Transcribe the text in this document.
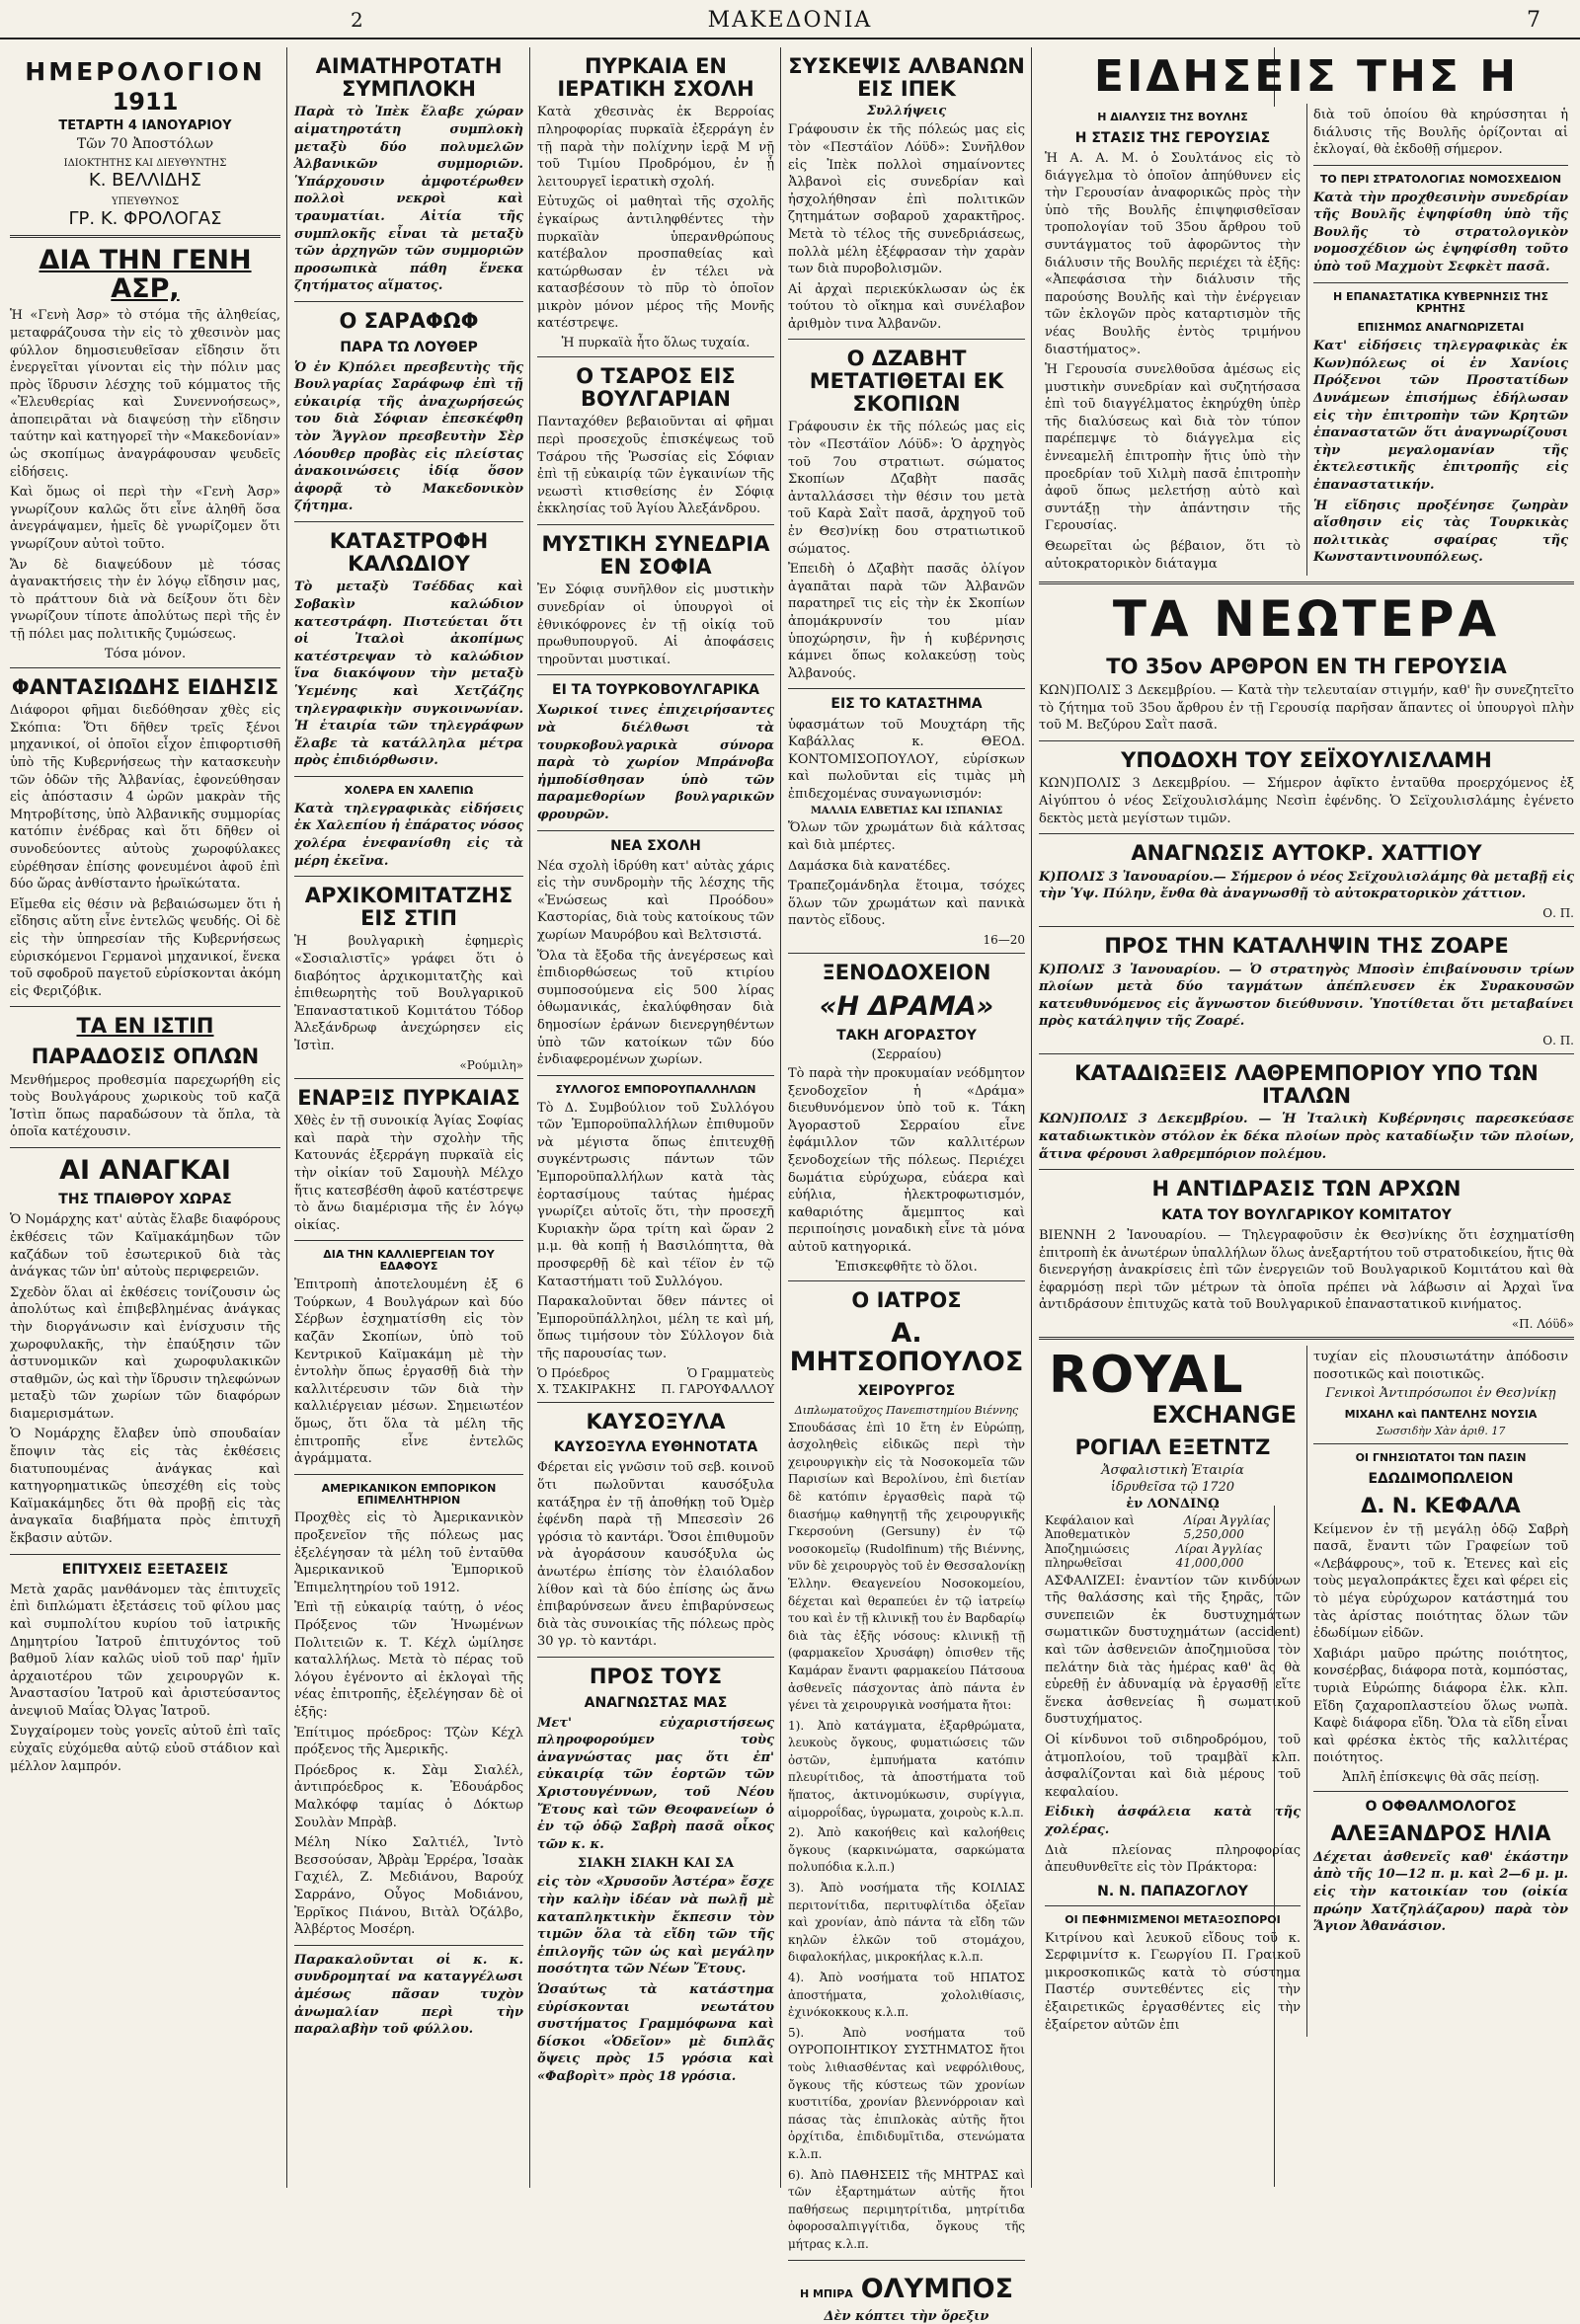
2	ΜΑΚΕΔΟΝΙΑ	7
ΗΜΕΡΟΛΟΓΙΟΝ
1911
ΤΕΤΑΡΤΗ 4 ΙΑΝΟΥΑΡΙΟΥ
Τῶν 70 Ἀποστόλων
ΙΔΙΟΚΤΗΤΗΣ ΚΑΙ ΔΙΕΥΘΥΝΤΗΣ
Κ. ΒΕΛΛΙΔΗΣ
ΥΠΕΥΘΥΝΟΣ
ΓΡ. Κ. ΦΡΟΛΟΓΑΣ
ΔΙΑ ΤΗΝ ΓΕΝΗ ΑΣΡ,

Ἡ «Γενὴ Ἀσρ» τὸ στόμα τῆς ἀληθείας, μεταφράζουσα τὴν εἰς τὸ χθεσινὸν μας φύλλον δημοσιευθεῖσαν εἴδησιν ὅτι ἐνεργεῖται γίνονται εἰς τὴν πόλιν μας πρὸς ἵδρυσιν λέσχης τοῦ κόμματος τῆς «Ἐλευθερίας καὶ Συνεννοήσεως», ἀποπειρᾶται νὰ διαψεύσῃ τὴν εἴδησιν ταύτην καὶ κατηγορεῖ τὴν «Μακεδονίαν» ὡς σκοπίμως ἀναγράφουσαν ψευδεῖς εἰδήσεις.

Καὶ ὅμως οἱ περὶ τὴν «Γενὴ Ἀσρ» γνωρίζουν καλῶς ὅτι εἶνε ἀληθῆ ὅσα ἀνεγράψαμεν, ἡμεῖς δὲ γνωρίζομεν ὅτι γνωρίζουν αὐτοὶ τοῦτο.

Ἄν δὲ διαψεύδουν μὲ τόσας ἀγανακτήσεις τὴν ἐν λόγῳ εἴδησιν μας, τὸ πράττουν διὰ νὰ δείξουν ὅτι δὲν γνωρίζουν τίποτε ἀπολύτως περὶ τῆς ἐν τῇ πόλει μας πολιτικῆς ζυμώσεως.

Τόσα μόνον.
ΦΑΝΤΑΣΙΩΔΗΣ ΕΙΔΗΣΙΣ

Διάφοροι φῆμαι διεδόθησαν χθὲς εἰς Σκόπια: Ὅτι δῆθεν τρεῖς ξένοι μηχανικοί, οἱ ὁποῖοι εἶχον ἐπιφορτισθῆ ὑπὸ τῆς Κυβερνήσεως τὴν κατασκευὴν τῶν ὁδῶν τῆς Ἀλβανίας, ἐφονεύθησαν εἰς ἀπόστασιν 4 ὡρῶν μακρὰν τῆς Μητροβίτσης, ὑπὸ Ἀλβανικῆς συμμορίας κατόπιν ἐνέδρας καὶ ὅτι δῆθεν οἱ συνοδεύοντες αὐτοὺς χωροφύλακες εὑρέθησαν ἐπίσης φονευμένοι ἀφοῦ ἐπὶ δύο ὥρας ἀνθίσταντο ἡρωϊκώτατα.

Εἴμεθα εἰς θέσιν νὰ βεβαιώσωμεν ὅτι ἡ εἴδησις αὕτη εἶνε ἐντελῶς ψευδής. Οἱ δὲ εἰς τὴν ὑπηρεσίαν τῆς Κυβερνήσεως εὑρισκόμενοι Γερμανοὶ μηχανικοί, ἕνεκα τοῦ σφοδροῦ παγετοῦ εὑρίσκονται ἀκόμη εἰς Φεριζόβικ.

ΤΑ ΕΝ ΙΣΤΙΠ
ΠΑΡΑΔΟΣΙΣ ΟΠΛΩΝ

Μενθήμερος προθεσμία παρεχωρήθη εἰς τοὺς Βουλγάρους χωρικοὺς τοῦ καζᾶ Ἰστὶπ ὅπως παραδώσουν τὰ ὅπλα, τὰ ὁποῖα κατέχουσιν.

ΑΙ ΑΝΑΓΚΑΙ
ΤΗΣ ΤΠΑΙΘΡΟΥ ΧΩΡΑΣ

Ὁ Νομάρχης κατ' αὐτὰς ἔλαβε διαφόρους ἐκθέσεις τῶν Καϊμακάμηδων τῶν καζάδων τοῦ ἐσωτερικοῦ διὰ τὰς ἀνάγκας τῶν ὑπ' αὐτοὺς περιφερειῶν.

Σχεδὸν ὅλαι αἱ ἐκθέσεις τονίζουσιν ὡς ἀπολύτως καὶ ἐπιβεβλημένας ἀνάγκας τὴν διοργάνωσιν καὶ ἐνίσχυσιν τῆς χωροφυλακῆς, τὴν ἐπαύξησιν τῶν ἀστυνομικῶν καὶ χωροφυλακικῶν σταθμῶν, ὡς καὶ τὴν ἵδρυσιν τηλεφώνων μεταξὺ τῶν χωρίων τῶν διαφόρων διαμερισμάτων.

Ὁ Νομάρχης ἔλαβεν ὑπὸ σπουδαίαν ἔποψιν τὰς εἰς τὰς ἐκθέσεις διατυπουμένας ἀνάγκας καὶ κατηγορηματικῶς ὑπεσχέθη εἰς τοὺς Καϊμακάμηδες ὅτι θὰ προβῇ εἰς τὰς ἀναγκαῖα διαβήματα πρὸς ἐπιτυχῆ ἔκβασιν αὐτῶν.

ΕΠΙΤΥΧΕΙΣ ΕΞΕΤΑΣΕΙΣ

Μετὰ χαρᾶς μανθάνομεν τὰς ἐπιτυχεῖς ἐπὶ διπλώματι ἐξετάσεις τοῦ φίλου μας καὶ συμπολίτου κυρίου τοῦ ἰατρικῆς Δημητρίου Ἰατροῦ ἐπιτυχόντος τοῦ βαθμοῦ λίαν καλῶς υἱοῦ τοῦ παρ' ἡμῖν ἀρχαιοτέρου τῶν χειρουργῶν κ. Ἀναστασίου Ἰατροῦ καὶ ἀριστεύσαντος ἀνεψιοῦ Μαΐας Ὀλγας Ἰατροῦ.

Συγχαίρομεν τοὺς γονεῖς αὐτοῦ ἐπὶ ταῖς εὐχαῖς εὐχόμεθα αὐτῷ εὐοῦ στάδιον καὶ μέλλον λαμπρόν.

ΑΙΜΑΤΗΡΟΤΑΤΗ ΣΥΜΠΛΟΚΗ

Παρὰ τὸ Ἰπὲκ ἔλαβε χώραν αἱματηροτάτη συμπλοκὴ μεταξὺ δύο πολυμελῶν Ἀλβανικῶν συμμοριῶν. Ὑπάρχουσιν ἀμφοτέρωθεν πολλοὶ νεκροὶ καὶ τραυματίαι. Αἰτία τῆς συμπλοκῆς εἶναι τὰ μεταξὺ τῶν ἀρχηγῶν τῶν συμμοριῶν προσωπικὰ πάθη ἕνεκα ζητήματος αἵματος.

Ο ΣΑΡΑΦΩΦ
ΠΑΡΑ ΤΩ ΛΟΥΘΕΡ

Ὁ ἐν Κ)πόλει πρεσβευτὴς τῆς Βουλγαρίας Σαράφωφ ἐπὶ τῇ εὐκαιρίᾳ τῆς ἀναχωρήσεώς του διὰ Σόφιαν ἐπεσκέφθη τὸν Ἄγγλον πρεσβευτὴν Σὲρ Λόουθερ προβὰς εἰς πλείστας ἀνακοινώσεις ἰδίᾳ ὅσον ἀφορᾷ τὸ Μακεδονικὸν ζήτημα.

ΚΑΤΑΣΤΡΟΦΗ ΚΑΛΩΔΙΟΥ

Τὸ μεταξὺ Τσέδδας καὶ Σοβακὶν καλώδιον κατεστράφη. Πιστεύεται ὅτι οἱ Ἰταλοὶ ἀκοπίμως κατέστρεψαν τὸ καλώδιον ἵνα διακόψουν τὴν μεταξὺ Ὑεμένης καὶ Χετζάζης τηλεγραφικὴν συγκοινωνίαν. Ἡ ἑταιρία τῶν τηλεγράφων ἔλαβε τὰ κατάλληλα μέτρα πρὸς ἐπιδιόρθωσιν.

ΧΟΛΕΡΑ ΕΝ ΧΑΛΕΠΙΩ

Κατὰ τηλεγραφικὰς εἰδήσεις ἐκ Χαλεπίου ἡ ἐπάρατος νόσος χολέρα ἐνεφανίσθη εἰς τὰ μέρη ἐκεῖνα.

ΑΡΧΙΚΟΜΙΤΑΤΖΗΣ ΕΙΣ ΣΤΙΠ

Ἡ βουλγαρικὴ ἐφημερὶς «Σοσιαλιστῖς» γράφει ὅτι ὁ διαβόητος ἀρχικομιτατζὴς καὶ ἐπιθεωρητὴς τοῦ Βουλγαρικοῦ Ἐπαναστατικοῦ Κομιτάτου Τόδορ Ἀλεξάνδρωφ ἀνεχώρησεν εἰς Ἰστὶπ.

«Ρούμιλη»
ΕΝΑΡΞΙΣ ΠΥΡΚΑΙΑΣ

Χθὲς ἐν τῇ συνοικίᾳ Ἁγίας Σοφίας καὶ παρὰ τὴν σχολὴν τῆς Κατουνάς ἐξερράγη πυρκαϊὰ εἰς τὴν οἰκίαν τοῦ Σαμουὴλ Μέλχο ἥτις κατεσβέσθη ἀφοῦ κατέστρεψε τὸ ἄνω διαμέρισμα τῆς ἐν λόγῳ οἰκίας.

ΔΙΑ ΤΗΝ ΚΑΛΛΙΕΡΓΕΙΑΝ ΤΟΥ ΕΔΑΦΟΥΣ

Ἐπιτροπὴ ἀποτελουμένη ἐξ 6 Τούρκων, 4 Βουλγάρων καὶ δύο Σέρβων ἐσχηματίσθη εἰς τὸν καζᾶν Σκοπίων, ὑπὸ τοῦ Κεντρικοῦ Καϊμακάμη μὲ τὴν ἐντολὴν ὅπως ἐργασθῇ διὰ τὴν καλλιτέρευσιν τῶν διὰ τὴν καλλιέργειαν μέσων. Σημειωτέον ὅμως, ὅτι ὅλα τὰ μέλη τῆς ἐπιτροπῆς εἶνε ἐντελῶς ἀγράμματα.

ΑΜΕΡΙΚΑΝΙΚΟΝ ΕΜΠΟΡΙΚΟΝ ΕΠΙΜΕΛΗΤΗΡΙΟΝ

Προχθὲς εἰς τὸ Ἀμερικανικὸν προξενεῖον τῆς πόλεως μας ἐξελέγησαν τὰ μέλη τοῦ ἐνταῦθα Ἀμερικανικοῦ Ἐμπορικοῦ Ἐπιμελητηρίου τοῦ 1912.

Ἐπὶ τῇ εὐκαιρίᾳ ταύτῃ, ὁ νέος Πρόξενος τῶν Ἡνωμένων Πολιτειῶν κ. Τ. Κέχλ ὡμίλησε καταλλήλως. Μετὰ τὸ πέρας τοῦ λόγου ἐγένοντο αἱ ἐκλογαὶ τῆς νέας ἐπιτροπῆς, ἐξελέγησαν δὲ οἱ ἑξῆς:

Ἐπίτιμος πρόεδρος: Τζὼν Κέχλ πρόξενος τῆς Ἀμερικῆς.

Πρόεδρος κ. Σὰμ Σιαλέλ, ἀντιπρόεδρος κ. Ἐδουάρδος Μαλκόφφ ταμίας ὁ Δόκτωρ Σουλὰν Μπρὰβ.

Μέλη Νίκο Σαλτιέλ, Ἰντὸ Βεσσούσαν, Ἀβρὰμ Ἐρρέρα, Ἰσαὰκ Γαχιέλ, Ζ. Μεδιάνου, Βαρούχ Σαρράνο, Οὗγος Μοδιάνου, Ἐρρῖκος Πιάνου, Βιτὰλ Ὀζάλβο, Ἀλβέρτος Μοσέρη.

Παρακαλοῦνται οἱ κ. κ. συνδρομηταί να καταγγέλωσι ἀμέσως πᾶσαν τυχὸν ἀνωμαλίαν περὶ τὴν παραλαβὴν τοῦ φύλλου.

ΠΥΡΚΑΙΑ ΕΝ ΙΕΡΑΤΙΚΗ ΣΧΟΛΗ

Κατὰ χθεσινὰς ἐκ Βερροίας πληροφορίας πυρκαϊὰ ἐξερράγη ἐν τῇ παρὰ τὴν πολίχνην ἱερᾷ Μ νῇ τοῦ Τιμίου Προδρόμου, ἐν ᾗ λειτουργεῖ ἱερατικὴ σχολή.

Εὐτυχῶς οἱ μαθηταὶ τῆς σχολῆς ἐγκαίρως ἀντιληφθέντες τὴν πυρκαϊὰν ὑπερανθρώπους κατέβαλον προσπαθείας καὶ κατώρθωσαν ἐν τέλει νὰ κατασβέσουν τὸ πῦρ τὸ ὁποῖον μικρὸν μόνον μέρος τῆς Μονῆς κατέστρεψε.

Ἡ πυρκαϊὰ ἦτο ὅλως τυχαία.
Ο ΤΣΑΡΟΣ ΕΙΣ ΒΟΥΛΓΑΡΙΑΝ

Πανταχόθεν βεβαιοῦνται αἱ φῆμαι περὶ προσεχοῦς ἐπισκέψεως τοῦ Τσάρου τῆς Ῥωσσίας εἰς Σόφιαν ἐπὶ τῇ εὐκαιρίᾳ τῶν ἐγκαινίων τῆς νεωστὶ κτισθείσης ἐν Σόφιᾳ ἐκκλησίας τοῦ Ἁγίου Ἀλεξάνδρου.

ΜΥΣΤΙΚΗ ΣΥΝΕΔΡΙΑ ΕΝ ΣΟΦΙΑ

Ἐν Σόφιᾳ συνῆλθον εἰς μυστικὴν συνεδρίαν οἱ ὑπουργοὶ οἱ ἐθνικόφρονες ἐν τῇ οἰκίᾳ τοῦ πρωθυπουργοῦ. Αἱ ἀποφάσεις τηροῦνται μυστικαί.

ΕΙ ΤΑ ΤΟΥΡΚΟΒΟΥΛΓΑΡΙΚΑ

Χωρικοί τινες ἐπιχειρήσαντες νὰ διέλθωσι τὰ τουρκοβουλγαρικὰ σύνορα παρὰ τὸ χωρίον Μπράνοβα ἠμποδίσθησαν ὑπὸ τῶν παραμεθορίων βουλγαρικῶν φρουρῶν.

ΝΕΑ ΣΧΟΛΗ

Νέα σχολὴ ἱδρύθη κατ' αὐτὰς χάρις εἰς τὴν συνδρομὴν τῆς λέσχης τῆς «Ἑνώσεως καὶ Προόδου» Καστορίας, διὰ τοὺς κατοίκους τῶν χωρίων Μαυρόβου καὶ Βελτσιστά.

Ὅλα τὰ ἔξοδα τῆς ἀνεγέρσεως καὶ ἐπιδιορθώσεως τοῦ κτιρίου συμποσούμενα εἰς 500 λίρας ὀθωμανικάς, ἐκαλύφθησαν διὰ δημοσίων ἐράνων διενεργηθέντων ὑπὸ τῶν κατοίκων τῶν δύο ἐνδιαφερομένων χωρίων.

ΣΥΛΛΟΓΟΣ ΕΜΠΟΡΟΥΠΑΛΛΗΛΩΝ

Τὸ Δ. Συμβούλιον τοῦ Συλλόγου τῶν Ἐμποροϋπαλλήλων ἐπιθυμοῦν νὰ μέγιστα ὅπως ἐπιτευχθῇ συγκέντρωσις πάντων τῶν Ἐμποροϋπαλλήλων κατὰ τὰς ἑορτασίμους ταύτας ἡμέρας γνωρίζει αὐτοῖς ὅτι, τὴν προσεχῆ Κυριακὴν ὥρα τρίτη καὶ ὥραν 2 μ.μ. θὰ κοπῇ ἡ Βασιλόπηττα, θὰ προσφερθῇ δὲ καὶ τέϊον ἐν τῷ Καταστήματι τοῦ Συλλόγου.

Παρακαλοῦνται ὅθεν πάντες οἱ Ἐμποροϋπάλληλοι, μέλη τε καὶ μή, ὅπως τιμήσουν τὸν Σύλλογον διὰ τῆς παρουσίας των.

Ὁ Πρόεδρος	Ὁ Γραμματεὺς
Χ. ΤΣΑΚΙΡΑΚΗΣ Π. ΓΑΡΟΥΦΑΛΛΟΥ
ΚΑΥΣΟΞΥΛΑ
ΚΑΥΣΟΞΥΛΑ ΕΥΘΗΝΟΤΑΤΑ

Φέρεται εἰς γνῶσιν τοῦ σεβ. κοινοῦ ὅτι πωλοῦνται καυσόξυλα κατάξηρα ἐν τῇ ἀποθήκῃ τοῦ Ὀμὲρ ἐφένδη παρὰ τῇ Μπεσεσὶν 26 γρόσια τὸ καντάρι. Ὅσοι ἐπιθυμοῦν νὰ ἀγοράσουν καυσόξυλα ὡς ἀνωτέρω ἐπίσης τὸν ἐλαιόλαδον λίθον καὶ τὰ δύο ἐπίσης ὡς ἄνω ἐπιβαρύνσεων ἄνευ ἐπιβαρύνσεως διὰ τὰς συνοικίας τῆς πόλεως πρὸς 30 γρ. τὸ καντάρι.

ΠΡΟΣ ΤΟΥΣ
ΑΝΑΓΝΩΣΤΑΣ ΜΑΣ

Μετ' εὐχαριστήσεως πληροφορούμεν τοὺς ἀναγνώστας μας ὅτι ἐπ' εὐκαιρίᾳ τῶν ἑορτῶν τῶν Χριστουγέννων, τοῦ Νέου Ἔτους καὶ τῶν Θεοφανείων ὁ ἐν τῷ ὁδῷ Σαβρὴ πασᾶ οἶκος τῶν κ. κ.

ΣΙΑΚΗ ΣΙΑΚΗ ΚΑΙ ΣΑ

εἰς τὸν «Χρυσοῦν Ἀστέρα» ἔσχε τὴν καλὴν ἰδέαν νὰ πωλῇ μὲ καταπληκτικὴν ἔκπεσιν τὸν τιμῶν ὅλα τὰ εἴδη τῶν τῆς ἐπιλογῆς τῶν ὡς καὶ μεγάλην ποσότητα τῶν Νέων Ἔτους.

Ὡσαύτως τὰ κατάστημα εὐρίσκονται νεωτάτου συστήματος Γραμμόφωνα καὶ δίσκοι «Ὁδεῖον» μὲ διπλᾶς ὄψεις πρὸς 15 γρόσια καὶ «Φαβορὶτ» πρὸς 18 γρόσια.

ΣΥΣΚΕΨΙΣ ΑΛΒΑΝΩΝ ΕΙΣ ΙΠΕΚ
Συλλήψεις

Γράφουσιν ἐκ τῆς πόλεώς μας εἰς τὸν «Πεστάϊον Λόϋδ»: Συνῆλθον εἰς Ἰπὲκ πολλοὶ σημαίνοντες Ἀλβανοὶ εἰς συνεδρίαν καὶ ἠσχολήθησαν ἐπὶ πολιτικῶν ζητημάτων σοβαροῦ χαρακτῆρος. Μετὰ τὸ τέλος τῆς συνεδριάσεως, πολλὰ μέλη ἐξέφρασαν τὴν χαρὰν των διὰ πυροβολισμῶν.

Αἱ ἀρχαὶ περιεκύκλωσαν ὡς ἐκ τούτου τὸ οἴκημα καὶ συνέλαβον ἀριθμὸν τινα Ἀλβανῶν.

Ο ΔΖΑΒΗΤ ΜΕΤΑΤΙΘΕΤΑΙ ΕΚ ΣΚΟΠΙΩΝ

Γράφουσιν ἐκ τῆς πόλεώς μας εἰς τὸν «Πεστάϊον Λόϋδ»: Ὁ ἀρχηγὸς τοῦ 7ου στρατιωτ. σώματος Σκοπίων Δζαβὴτ πασᾶς ἀνταλλάσσει τὴν θέσιν του μετὰ τοῦ Καρὰ Σαῒτ πασᾶ, ἀρχηγοῦ τοῦ ἐν Θεσ)νίκῃ δου στρατιωτικοῦ σώματος.

Ἐπειδὴ ὁ Δζαβὴτ πασᾶς ὀλίγον ἀγαπᾶται παρὰ τῶν Ἀλβανῶν παρατηρεῖ τις εἰς τὴν ἐκ Σκοπίων ἀπομάκρυνσίν του μίαν ὑποχώρησιν, ἣν ἡ κυβέρνησις κάμνει ὅπως κολακεύσῃ τοὺς Ἀλβανούς.

ΕΙΣ ΤΟ ΚΑΤΑΣΤΗΜΑ

ὑφασμάτων τοῦ Μουχτάρη τῆς Καβάλλας κ. ΘΕΟΔ. ΚΟΝΤΟΜΙΣΟΠΟΥΛΟΥ, εὑρίσκων καὶ πωλοῦνται εἰς τιμὰς μὴ ἐπιδεχομένας συναγωνισμόν:

ΜΑΛΛΙΑ ΕΛΒΕΤΙΑΣ ΚΑΙ ΙΣΠΑΝΙΑΣ

Ὅλων τῶν χρωμάτων διὰ κάλτσας καὶ διὰ μπέρτες.

Δαμάσκα διὰ κανατέδες.

Τραπεζομάνδηλα ἕτοιμα, τσόχες ὅλων τῶν χρωμάτων καὶ πανικὰ παντὸς εἴδους.

16—20
ΞΕΝΟΔΟΧΕΙΟΝ
«Η ΔΡΑΜΑ»
ΤΑΚΗ ΑΓΟΡΑΣΤΟΥ
(Σερραίου)

Τὸ παρὰ τὴν προκυμαίαν νεόδμητον ξενοδοχεῖον ἡ «Δράμα» διευθυνόμενον ὑπὸ τοῦ κ. Τάκη Ἀγοραστοῦ Σερραίου εἶνε ἐφάμιλλον τῶν καλλιτέρων ξενοδοχείων τῆς πόλεως. Περιέχει δωμάτια εὐρύχωρα, εὐάερα καὶ εὐήλια, ἠλεκτροφωτισμόν, καθαριότης ἄμεμπτος καὶ περιποίησις μοναδικὴ εἶνε τὰ μόνα αὐτοῦ κατηγορικά.

Ἐπισκεφθῆτε τὸ ὅλοι.
Ο ΙΑΤΡΟΣ
Α. ΜΗΤΣΟΠΟΥΛΟΣ
ΧΕΙΡΟΥΡΓΟΣ
Διπλωματοῦχος Πανεπιστημίου Βιέννης

Σπουδάσας ἐπὶ 10 ἔτη ἐν Εὐρώπῃ, ἀσχοληθεὶς εἰδικῶς περὶ τὴν χειρουργικὴν εἰς τὰ Νοσοκομεῖα τῶν Παρισίων καὶ Βερολίνου, ἐπὶ διετίαν δὲ κατόπιν ἐργασθεὶς παρὰ τῷ διασήμῳ καθηγητῇ τῆς χειρουργικῆς Γκερσούνη (Gersuny) ἐν τῷ νοσοκομεῖῳ (Rudolfinum) τῆς Βιέννης, νῦν δὲ χειρουργὸς τοῦ ἐν Θεσσαλονίκῃ Ἑλλην. Θεαγενείου Νοσοκομείου, δέχεται καὶ θεραπεύει ἐν τῷ ἰατρείῳ του καὶ ἐν τῇ κλινικῇ του ἐν Βαρδαρίῳ διὰ τὰς ἐξῆς νόσους: κλινικῇ τῇ (φαρμακεῖον Χρυσάφη) ὀπισθεν τῆς Καμάραν ἔναντι φαρμακείου Πάτσουα ἀσθενεῖς πάσχοντας ἀπὸ πάντα ἐν γένει τὰ χειρουργικὰ νοσήματα ἤτοι:

1). Ἀπὸ κατάγματα, ἐξαρθρώματα, λευκοὺς ὄγκους, φυματιώσεις τῶν ὀστῶν, ἐμπυήματα κατόπιν πλευρίτιδος, τὰ ἀποστήματα τοῦ ἥπατος, ἀκτινομύκωσιν, συρίγγια, αἱμορροΐδας, ὑγρωματα, χοιροὺς κ.λ.π.

2). Ἀπὸ κακοήθεις καὶ καλοήθεις ὄγκους (καρκινώματα, σαρκώματα πολυπόδια κ.λ.π.)

3). Ἀπὸ νοσήματα τῆς ΚΟΙΛΙΑΣ περιτονίτιδα, περιτυφλίτιδα ὀξεῖαν καὶ χρονίαν, ἀπὸ πάντα τὰ εἴδη τῶν κηλῶν ἑλκῶν τοῦ στομάχου, διφαλοκήλας, μικροκήλας κ.λ.π.

4). Ἀπὸ νοσήματα τοῦ ΗΠΑΤΟΣ ἀποστήματα, χολολιθίασις, ἐχινόκοκκους κ.λ.π.

5). Ἀπὸ νοσήματα τοῦ ΟΥΡΟΠΟΙΗΤΙΚΟΥ ΣΥΣΤΗΜΑΤΟΣ ἤτοι τοὺς λιθιασθέντας καὶ νεφρόλιθους, ὄγκους τῆς κύστεως τῶν χρονίων κυστιτίδα, χρονίαν βλεννόρροιαν καὶ πάσας τὰς ἐπιπλοκὰς αὐτῆς ἤτοι ὀρχίτιδα, ἐπιδιδυμῖτιδα, στενώματα κ.λ.π.

6). Ἀπὸ ΠΑΘΗΣΕΙΣ τῆς ΜΗΤΡΑΣ καὶ τῶν ἐξαρτημάτων αὐτῆς ἤτοι παθήσεως περιμητρίτιδα, μητρίτιδα ὀφοροσαλπιγγίτιδα, ὄγκους τῆς μήτρας κ.λ.π.

Η ΜΠΙΡΑ ΟΛΥΜΠΟΣ
Δὲν κόπτει τὴν ὄρεξιν
ΕΙΔΗΣΕΙΣ ΤΗΣ Η
Η ΔΙΑΛΥΣΙΣ ΤΗΣ ΒΟΥΛΗΣ
Η ΣΤΑΣΙΣ ΤΗΣ ΓΕΡΟΥΣΙΑΣ

Ἡ Α. Α. Μ. ὁ Σουλτάνος εἰς τὸ διάγγελμα τὸ ὁποῖον ἀπηύθυνεν εἰς τὴν Γερουσίαν ἀναφορικῶς πρὸς τὴν ὑπὸ τῆς Βουλῆς ἐπιψηφισθεῖσαν τροπολογίαν τοῦ 35ου ἄρθρου τοῦ συντάγματος τοῦ ἀφορῶντος τὴν διάλυσιν τῆς Βουλῆς περιέχει τὰ ἑξῆς: «Ἀπεφάσισα τὴν διάλυσιν τῆς παρούσης Βουλῆς καὶ τὴν ἐνέργειαν τῶν ἐκλογῶν πρὸς καταρτισμὸν τῆς νέας Βουλῆς ἐντὸς τριμήνου διαστήματος».

Ἡ Γερουσία συνελθοῦσα ἀμέσως εἰς μυστικὴν συνεδρίαν καὶ συζητήσασα ἐπὶ τοῦ διαγγέλματος ἐκηρύχθη ὑπὲρ τῆς διαλύσεως καὶ διὰ τὸν τύπον παρέπεμψε τὸ διάγγελμα εἰς ἐννεαμελῆ ἐπιτροπὴν ἥτις ὑπὸ τὴν προεδρίαν τοῦ Χιλμὴ πασᾶ ἐπιτροπὴν ἀφοῦ ὅπως μελετήσῃ αὐτὸ καὶ συντάξῃ τὴν ἀπάντησιν τῆς Γερουσίας.

Θεωρεῖται ὡς βέβαιον, ὅτι τὸ αὐτοκρατορικὸν διάταγμα

διὰ τοῦ ὁποίου θὰ κηρύσσηται ἡ διάλυσις τῆς Βουλῆς ὁρίζονται αἱ ἐκλογαί, θὰ ἐκδοθῇ σήμερον.

ΤΟ ΠΕΡΙ ΣΤΡΑΤΟΛΟΓΙΑΣ ΝΟΜΟΣΧΕΔΙΟΝ

Κατὰ τὴν προχθεσινὴν συνεδρίαν τῆς Βουλῆς ἐψηφίσθη ὑπὸ τῆς Βουλῆς τὸ στρατολογικὸν νομοσχέδιον ὡς ἐψηφίσθη τοῦτο ὑπὸ τοῦ Μαχμοὺτ Σεφκὲτ πασᾶ.

Η ΕΠΑΝΑΣΤΑΤΙΚΑ ΚΥΒΕΡΝΗΣΙΣ ΤΗΣ ΚΡΗΤΗΣ
ΕΠΙΣΗΜΩΣ ΑΝΑΓΝΩΡΙΖΕΤΑΙ

Κατ' εἰδήσεις τηλεγραφικὰς ἐκ Κων)πόλεως οἱ ἐν Χανίοις Πρόξενοι τῶν Προστατίδων Δυνάμεων ἐπισήμως ἐδήλωσαν εἰς τὴν ἐπιτροπὴν τῶν Κρητῶν ἐπαναστατῶν ὅτι ἀναγνωρίζουσι τὴν μεγαλομανίαν τῆς ἐκτελεστικῆς ἐπιτροπῆς εἰς ἐπαναστατικήν.

Ἡ εἴδησις προξένησε ζωηρὰν αἴσθησιν εἰς τὰς Τουρκικὰς πολιτικὰς σφαίρας τῆς Κωνσταντινουπόλεως.

ΤΑ ΝΕΩΤΕΡΑ
ΤΟ 35ον ΑΡΘΡΟΝ ΕΝ ΤΗ ΓΕΡΟΥΣΙΑ

ΚΩΝ)ΠΟΛΙΣ 3 Δεκεμβρίου. — Κατὰ τὴν τελευταίαν στιγμήν, καθ' ἣν συνεζητεῖτο τὸ ζήτημα τοῦ 35ου ἄρθρου ἐν τῇ Γερουσίᾳ παρῆσαν ἅπαντες οἱ ὑπουργοὶ πλὴν τοῦ Μ. Βεζύρου Σαῒτ πασᾶ.

ΥΠΟΔΟΧΗ ΤΟΥ ΣΕΪΧΟΥΛΙΣΛΑΜΗ

ΚΩΝ)ΠΟΛΙΣ 3 Δεκεμβρίου. — Σήμερον ἀφῖκτο ἐνταῦθα προερχόμενος ἐξ Αἰγύπτου ὁ νέος Σεϊχουλισλάμης Νεσὶπ ἐφένδης. Ὁ Σεϊχουλισλάμης ἐγένετο δεκτὸς μετὰ μεγίστων τιμῶν.

ΑΝΑΓΝΩΣΙΣ ΑΥΤΟΚΡ. ΧΑΤΤΙΟΥ

Κ)ΠΟΛΙΣ 3 Ἰανουαρίου.— Σήμερον ὁ νέος Σεϊχουλισλάμης θὰ μεταβῇ εἰς τὴν Ὑψ. Πύλην, ἔνθα θὰ ἀναγνωσθῇ τὸ αὐτοκρατορικὸν χάττιον.

Ο. Π.
ΠΡΟΣ ΤΗΝ ΚΑΤΑΛΗΨΙΝ ΤΗΣ ΖΟΑΡΕ

Κ)ΠΟΛΙΣ 3 Ἰανουαρίου. — Ὁ στρατηγὸς Μποσὶν ἐπιβαίνουσιν τρίων πλοίων μετὰ δύο ταγμάτων ἀπέπλευσεν ἐκ Συρακουσῶν κατευθυνόμενος εἰς ἄγνωστον διεύθυνσιν. Ὑποτίθεται ὅτι μεταβαίνει πρὸς κατάληψιν τῆς Ζοαρέ.

Ο. Π.
ΚΑΤΑΔΙΩΞΕΙΣ ΛΑΘΡΕΜΠΟΡΙΟΥ ΥΠΟ ΤΩΝ ΙΤΑΛΩΝ

ΚΩΝ)ΠΟΛΙΣ 3 Δεκεμβρίου. — Ἡ Ἰταλικὴ Κυβέρνησις παρεσκεύασε καταδιωκτικὸν στόλον ἐκ δέκα πλοίων πρὸς καταδίωξιν τῶν πλοίων, ἅτινα φέρουσι λαθρεμπόριον πολέμου.

Η ΑΝΤΙΔΡΑΣΙΣ ΤΩΝ ΑΡΧΩΝ
ΚΑΤΑ ΤΟΥ ΒΟΥΛΓΑΡΙΚΟΥ ΚΟΜΙΤΑΤΟΥ

ΒΙΕΝΝΗ 2 Ἰανουαρίου. — Τηλεγραφοῦσιν ἐκ Θεσ)νίκης ὅτι ἐσχηματίσθη ἐπιτροπὴ ἐκ ἀνωτέρων ὑπαλλήλων ὅλως ἀνεξαρτήτου τοῦ στρατοδικείου, ἥτις θὰ διενεργήσῃ ἀνακρίσεις ἐπὶ τῶν ἐνεργειῶν τοῦ Βουλγαρικοῦ Κομιτάτου καὶ θὰ ἐφαρμόσῃ περὶ τῶν μέτρων τὰ ὁποῖα πρέπει νὰ λάβωσιν αἱ Ἀρχαὶ ἵνα ἀντιδράσουν ἐπιτυχῶς κατὰ τοῦ Βουλγαρικοῦ ἐπαναστατικοῦ κινήματος.

«Π. Λόϋδ»
ROYAL
EXCHANGE
ΡΟΓΙΑΛ ΕΞΕΤΝΤΖ
Ἀσφαλιστικὴ Ἑταιρία
ἱδρυθεῖσα τῷ 1720
ἐν ΛΟΝΔΙΝῼ
Κεφάλαιον καὶ Ἀποθεματικὸν
Λίραι Ἀγγλίας 5,250,000
Ἀποζημιώσεις πληρωθεῖσαι
Λίραι Ἀγγλίας 41,000,000

ΑΣΦΑΛΙΖΕΙ: ἐναντίον τῶν κινδύνων τῆς θαλάσσης καὶ τῆς ξηρᾶς, τῶν συνεπειῶν ἐκ δυστυχημάτων σωματικῶν δυστυχημάτων (accident) καὶ τῶν ἀσθενειῶν ἀποζημιοῦσα τὸν πελάτην διὰ τὰς ἡμέρας καθ' ἃς θὰ εὑρεθῇ ἐν ἀδυναμίᾳ νὰ ἐργασθῇ εἴτε ἕνεκα ἀσθενείας ἢ σωματικοῦ δυστυχήματος.

Οἱ κίνδυνοι τοῦ σιδηροδρόμου, τοῦ ἀτμοπλοίου, τοῦ τραμβὰϊ κλπ. ἀσφαλίζονται καὶ διὰ μέρους τοῦ κεφαλαίου.

Εἰδικὴ ἀσφάλεια κατὰ τῆς χολέρας.

Διὰ πλείονας πληροφορίας ἀπευθυνθεῖτε εἰς τὸν Πράκτορα:

Ν. Ν. ΠΑΠΑΖΟΓΛΟΥ
ΟΙ ΠΕΦΗΜΙΣΜΕΝΟΙ ΜΕΤΑΞΟΣΠΟΡΟΙ

Κιτρίνου καὶ λευκοῦ εἴδους τοῦ κ. Σερφιμνίτσ κ. Γεωργίου Π. Γραικοῦ μικροσκοπικῶς κατὰ τὸ σύστημα Παστέρ συντεθέντες εἰς τὴν ἐξαιρετικῶς ἐργασθέντες εἰς τὴν ἐξαίρετον αὐτῶν ἐπι

τυχίαν εἰς πλουσιωτάτην ἀπόδοσιν ποσοτικῶς καὶ ποιοτικῶς.

Γενικοὶ Ἀντιπρόσωποι ἐν Θεσ)νίκῃ
ΜΙΧΑΗΛ καὶ ΠΑΝΤΕΛΗΣ ΝΟΥΣΙΑ
Σωσσιδὴν Χὰν ἀριθ. 17
ΟΙ ΓΝΗΣΙΩΤΑΤΟΙ ΤΩΝ ΠΑΣΙΝ
ΕΔΩΔΙΜΟΠΩΛΕΙΟΝ
Δ. Ν. ΚΕΦΑΛΑ

Κείμενον ἐν τῇ μεγάλῃ ὁδῷ Σαβρὴ πασᾶ, ἔναντι τῶν Γραφείων τοῦ «Λεβάφρους», τοῦ κ. Ἑτενες καὶ εἰς τοὺς μεγαλοπράκτες ἔχει καὶ φέρει εἰς τὸ μέγα εὐρύχωρον κατάστημά του τὰς ἀρίστας ποιότητας ὅλων τῶν ἐδωδίμων εἰδῶν.

Χαβιάρι μαῦρο πρώτης ποιότητος, κονσέρβας, διάφορα ποτὰ, κομπόστας, τυριὰ Εὐρώπης διάφορα ἐλκ. κλπ. Εἴδη ζαχαροπλαστείου ὅλως νωπὰ. Καφὲ διάφορα εἴδη. Ὅλα τὰ εἴδη εἶναι καὶ φρέσκα ἐκτὸς τῆς καλλιτέρας ποιότητος.

Ἀπλῆ ἐπίσκεψις θὰ σᾶς πείσῃ.
Ο ΟΦΘΑΛΜΟΛΟΓΟΣ
ΑΛΕΞΑΝΔΡΟΣ ΗΛΙΑ

Δέχεται ἀσθενεῖς καθ' ἑκάστην ἀπὸ τῆς 10—12 π. μ. καὶ 2—6 μ. μ. εἰς τὴν κατοικίαν του (οἰκία πρώην Χατζηλάζαρου) παρὰ τὸν Ἅγιον Ἀθανάσιον.
